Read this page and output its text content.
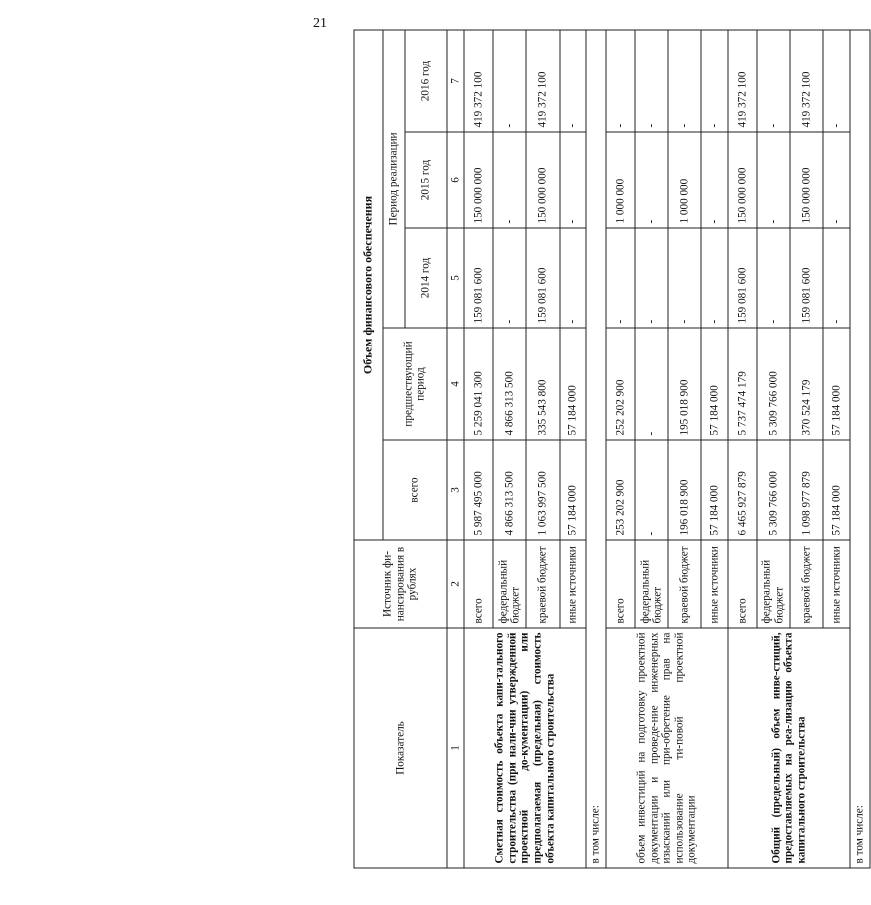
21
Показатель	Источник фи-нансирования в рублях	Объем финансового обеспечения				
		всего	предшествующий период	Период реализации		
				2014 год	2015 год	2016 год
1	2	3	4	5	6	7
Сметная стоимость объекта капи-тального строительства (при нали-чии утвержденной проектной до-кументации) или предполагаемая (предельная) стоимость объекта капитального строительства	всего	5 987 495 000	5 259 041 300	159 081 600	150 000 000	419 372 100
	федеральный бюджет	4 866 313 500	4 866 313 500	-	-	-
	краевой бюджет	1 063 997 500	335 543 800	159 081 600	150 000 000	419 372 100
	иные источники	57 184 000	57 184 000	-	-	-
в том числе:						
объем инвестиций на подготовку проектной документации и проведе-ние инженерных изысканий или при-обретение прав на использование ти-повой проектной документации	всего	253 202 900	252 202 900	-	1 000 000	-
	федеральный бюджет	-	-	-	-	-
	краевой бюджет	196 018 900	195 018 900	-	1 000 000	-
	иные источники	57 184 000	57 184 000	-	-	-
Общий (предельный) объем инве-стиций, предоставляемых на реа-лизацию объекта капитального строительства	всего	6 465 927 879	5 737 474 179	159 081 600	150 000 000	419 372 100
	федеральный бюджет	5 309 766 000	5 309 766 000	-	-	-
	краевой бюджет	1 098 977 879	370 524 179	159 081 600	150 000 000	419 372 100
	иные источники	57 184 000	57 184 000	-	-	-
в том числе:						
